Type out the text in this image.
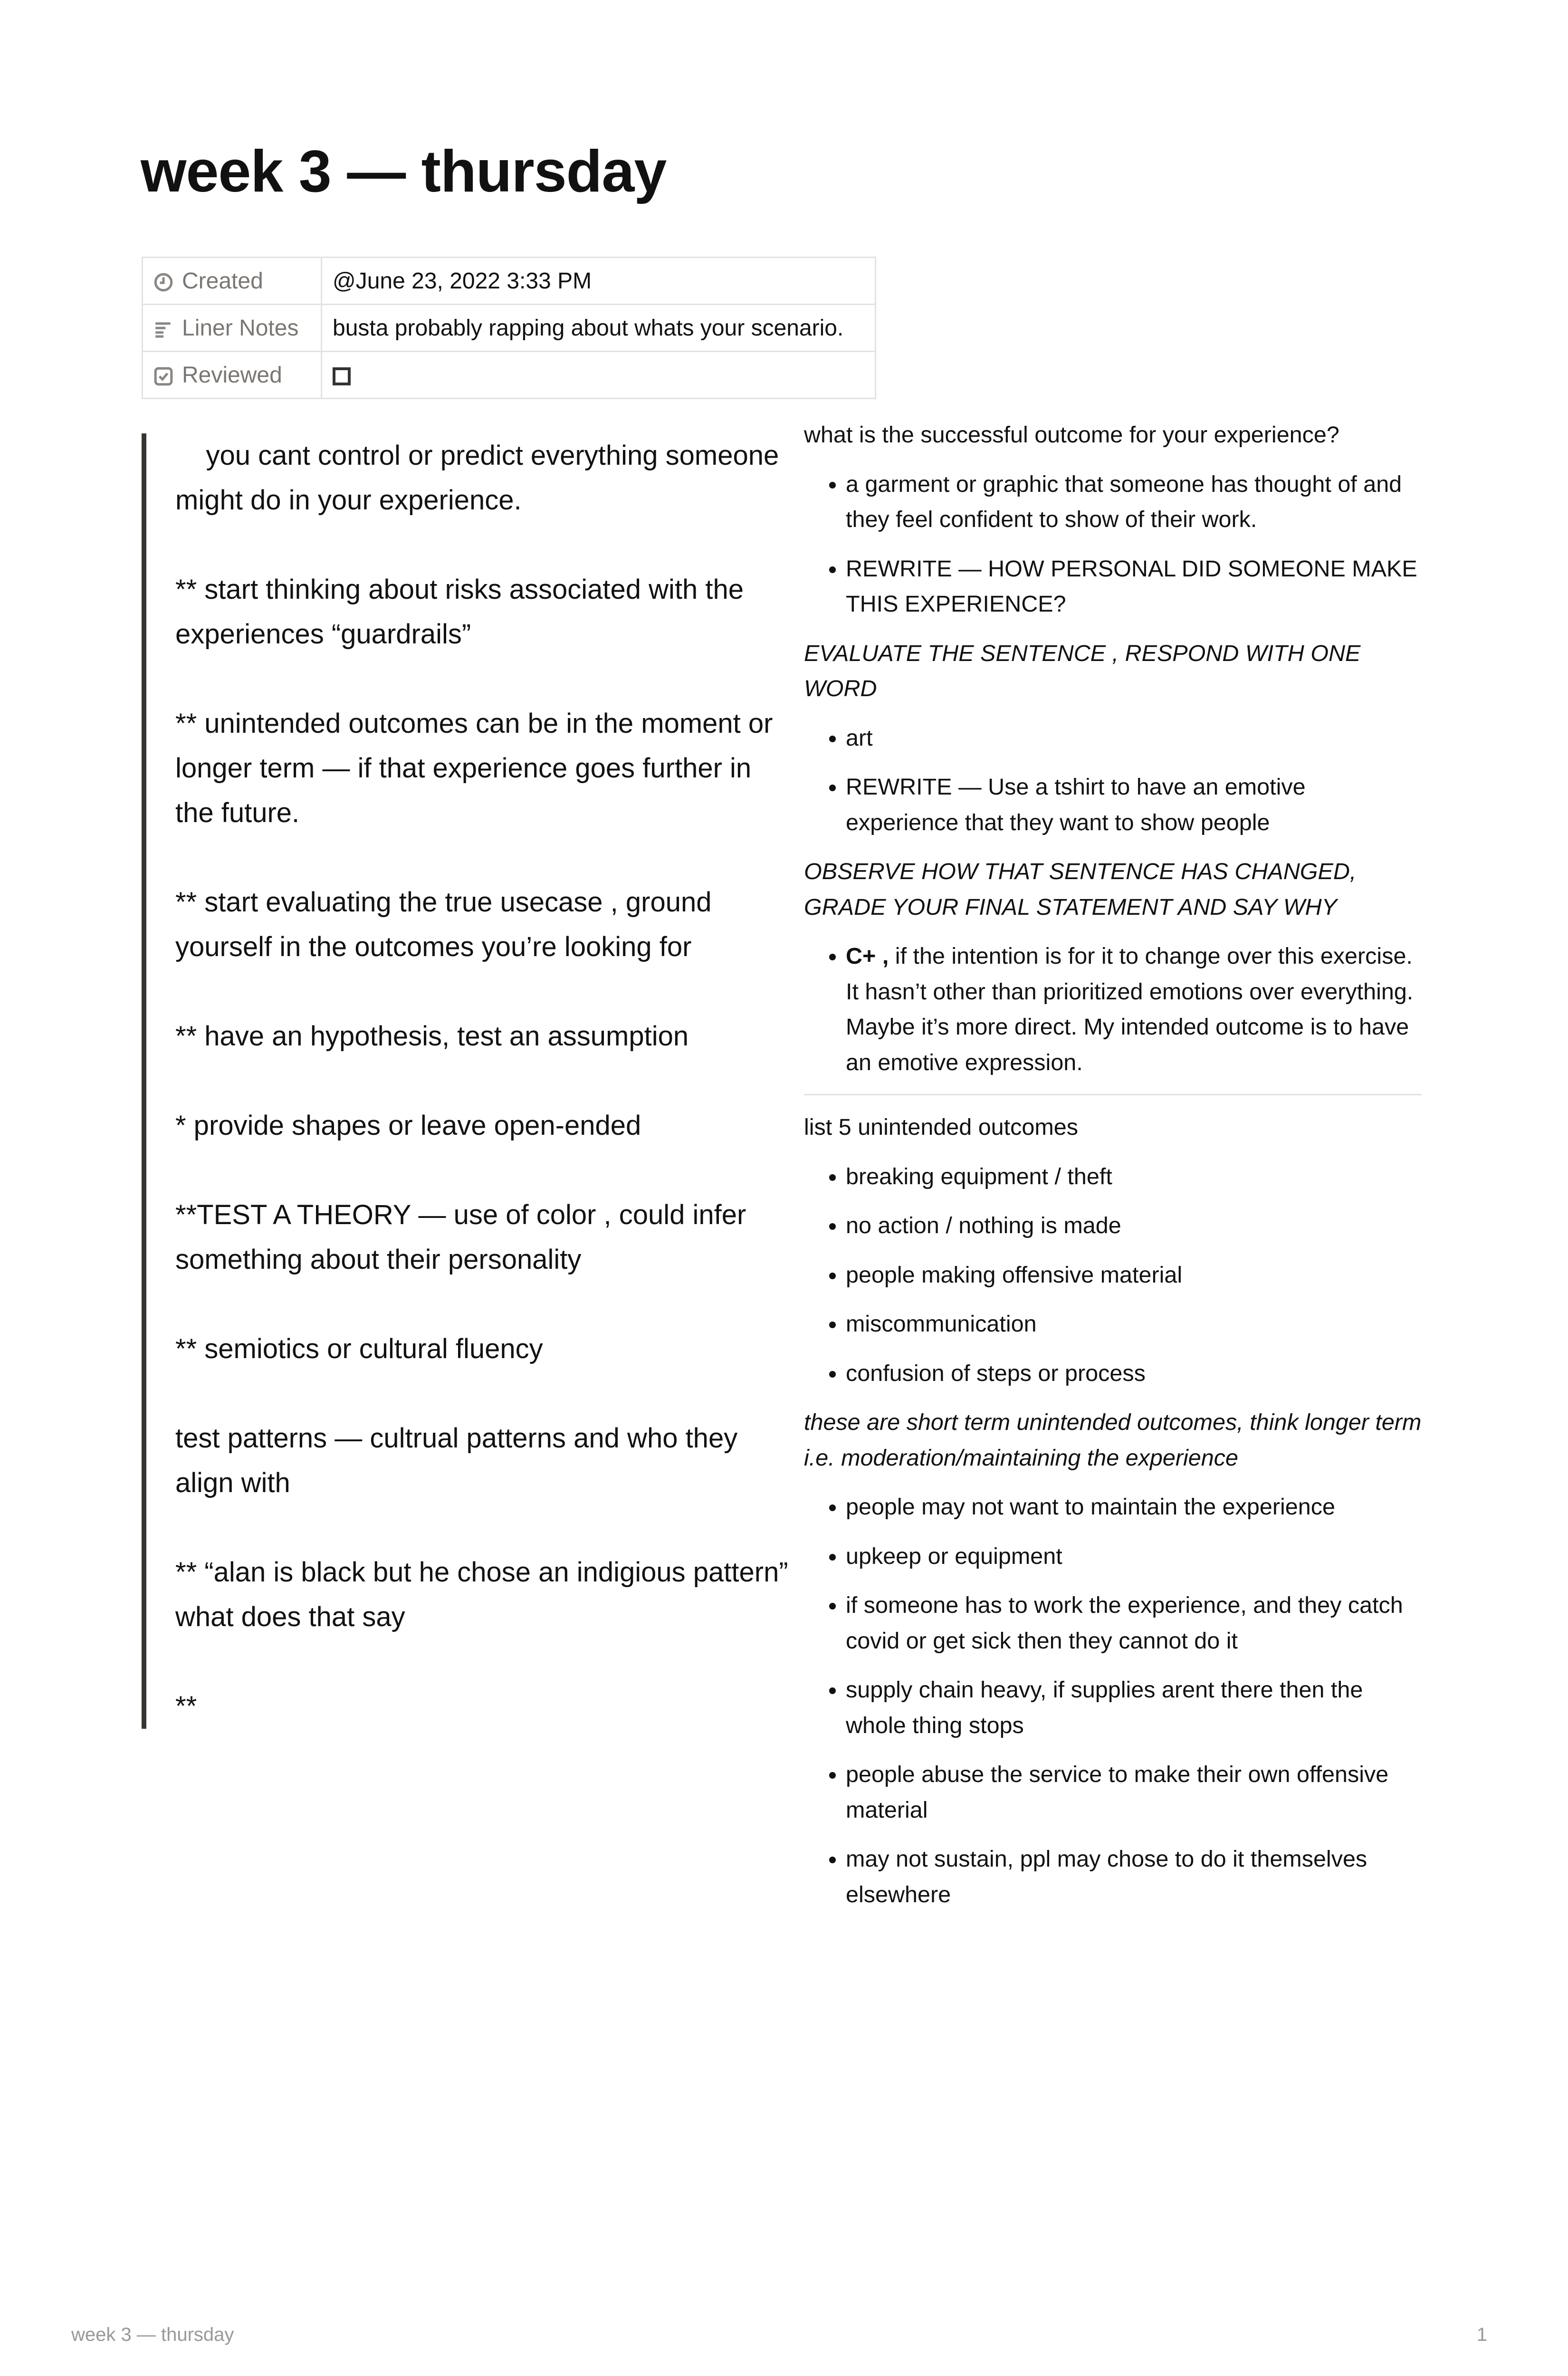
week 3 — thursday
Created	@June 23, 2022 3:33 PM
Liner Notes	busta probably rapping about whats your scenario.
Reviewed	

you cant control or predict everything someone might do in your experience.

** start thinking about risks associated with the experiences “guardrails”

** unintended outcomes can be in the moment or longer term — if that experience goes further in the future.

** start evaluating the true usecase , ground yourself in the outcomes you’re looking for

** have an hypothesis, test an assumption

* provide shapes or leave open-ended

**TEST A THEORY — use of color , could infer something about their personality

** semiotics or cultural fluency

test patterns — cultrual patterns and who they align with

** “alan is black but he chose an indigious pattern” what does that say

**

what is the successful outcome for your experience?

• a garment or graphic that someone has thought of and they feel confident to show of their work.
• REWRITE — HOW PERSONAL DID SOMEONE MAKE THIS EXPERIENCE?

EVALUATE THE SENTENCE , RESPOND WITH ONE WORD

• art
• REWRITE — Use a tshirt to have an emotive experience that they want to show people

OBSERVE HOW THAT SENTENCE HAS CHANGED, GRADE YOUR FINAL STATEMENT AND SAY WHY

• C+ , if the intention is for it to change over this exercise. It hasn’t other than prioritized emotions over everything. Maybe it’s more direct. My intended outcome is to have an emotive expression.

list 5 unintended outcomes

• breaking equipment / theft
• no action / nothing is made
• people making offensive material
• miscommunication
• confusion of steps or process

these are short term unintended outcomes, think longer term i.e. moderation/maintaining the experience

• people may not want to maintain the experience
• upkeep or equipment
• if someone has to work the experience, and they catch covid or get sick then they cannot do it
• supply chain heavy, if supplies arent there then the whole thing stops
• people abuse the service to make their own offensive material
• may not sustain, ppl may chose to do it themselves elsewhere
week 3 — thursday	1
